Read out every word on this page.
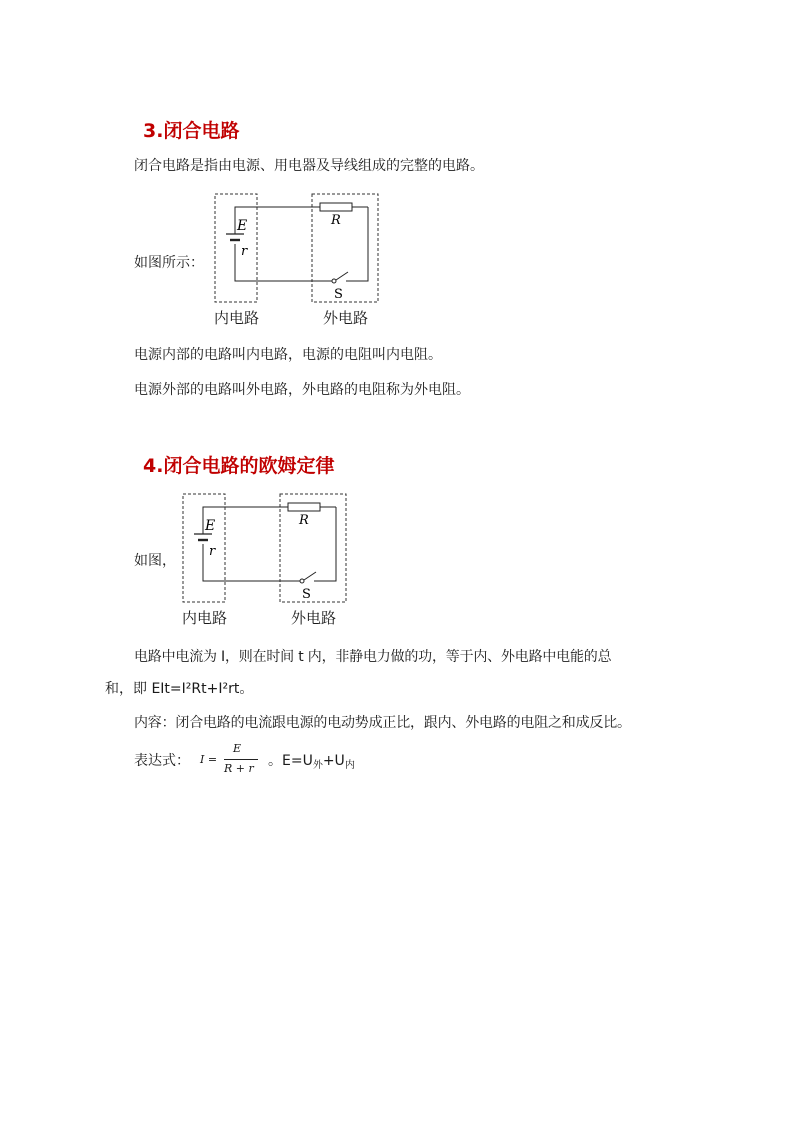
3.闭合电路
闭合电路是指由电源、用电器及导线组成的完整的电路。
如图所示：
E
r
R
S
内电路	外电路
电源内部的电路叫内电路，电源的电阻叫内电阻。
电源外部的电路叫外电路，外电路的电阻称为外电阻。
4.闭合电路的欧姆定律
如图，
E
r
R
S
内电路	外电路
电路中电流为 I，则在时间 t 内，非静电力做的功，等于内、外电路中电能的总
和，即 EIt=I²Rt+I²rt。
内容：闭合电路的电流跟电源的电动势成正比，跟内、外电路的电阻之和成反比。
表达式： I =
E
R + r 。$E=U_外+U_内$
